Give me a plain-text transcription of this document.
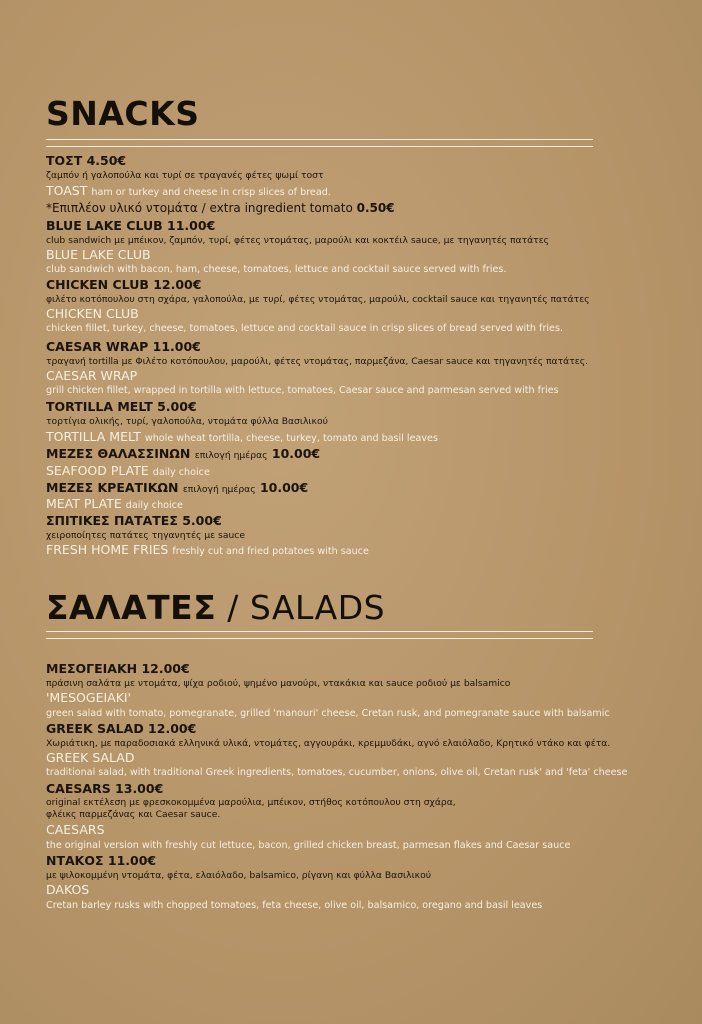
SNACKS
ΤΟΣΤ 4.50€
ζαμπόν ή γαλοπούλα και τυρί σε τραγανές φέτες ψωμί τοστ
TOAST ham or turkey and cheese in crisp slices of bread.
*Επιπλέον υλικό ντομάτα / extra ingredient tomato 0.50€
BLUE LAKE CLUB 11.00€
club sandwich με μπέικον, ζαμπόν, τυρί, φέτες ντομάτας, μαρούλι και κοκτέιλ sauce, με τηγανητές πατάτες
BLUE LAKE CLUB
club sandwich with bacon, ham, cheese, tomatoes, lettuce and cocktail sauce served with fries.
CHICKEN CLUB 12.00€
φιλέτο κοτόπουλου στη σχάρα, γαλοπούλα, με τυρί, φέτες ντομάτας, μαρούλι, cocktail sauce και τηγανητές πατάτες
CHICKEN CLUB
chicken fillet, turkey, cheese, tomatoes, lettuce and cocktail sauce in crisp slices of bread served with fries.
CAESAR WRAP 11.00€
τραγανή tortilla με Φιλέτο κοτόπουλου, μαρούλι, φέτες ντομάτας, παρμεζάνα, Caesar sauce και τηγανητές πατάτες.
CAESAR WRAP
grill chicken fillet, wrapped in tortilla with lettuce, tomatoes, Caesar sauce and parmesan served with fries
TORTILLA MELT 5.00€
τορτίγια ολικής, τυρί, γαλοπούλα, ντομάτα φύλλα Βασιλικού
TORTILLA MELT whole wheat tortilla, cheese, turkey, tomato and basil leaves
ΜΕΖΕΣ ΘΑΛΑΣΣΙΝΩΝ επιλογή ημέρας 10.00€
SEAFOOD PLATE daily choice
ΜΕΖΕΣ ΚΡΕΑΤΙΚΩΝ επιλογή ημέρας 10.00€
MEAT PLATE daily choice
ΣΠΙΤΙΚΕΣ ΠΑΤΑΤΕΣ 5.00€
χειροποίητες πατάτες τηγανητές με sauce
FRESH HOME FRIES freshly cut and fried potatoes with sauce
ΣΑΛΑΤΕΣ / SALADS
ΜΕΣΟΓΕΙΑΚΗ 12.00€
πράσινη σαλάτα με ντομάτα, ψίχα ροδιού, ψημένο μανούρι, ντακάκια και sauce ροδιού με balsamico
'MESOGEIAKI'
green salad with tomato, pomegranate, grilled 'manouri' cheese, Cretan rusk, and pomegranate sauce with balsamic
GREEK SALAD 12.00€
Χωριάτικη, με παραδοσιακά ελληνικά υλικά, ντομάτες, αγγουράκι, κρεμμυδάκι, αγνό ελαιόλαδο, Κρητικό ντάκο και φέτα.
GREEK SALAD
traditional salad, with traditional Greek ingredients, tomatoes, cucumber, onions, olive oil, Cretan rusk' and 'feta' cheese
CAESARS 13.00€
original εκτέλεση με φρεσκοκομμένα μαρούλια, μπέικον, στήθος κοτόπουλου στη σχάρα,
φλέικς παρμεζάνας και Caesar sauce.
CAESARS
the original version with freshly cut lettuce, bacon, grilled chicken breast, parmesan flakes and Caesar sauce
ΝΤΑΚΟΣ 11.00€
με ψιλοκομμένη ντομάτα, φέτα, ελαιόλαδο, balsamico, ρίγανη και φύλλα Βασιλικού
DAKOS
Cretan barley rusks with chopped tomatoes, feta cheese, olive oil, balsamico, oregano and basil leaves
